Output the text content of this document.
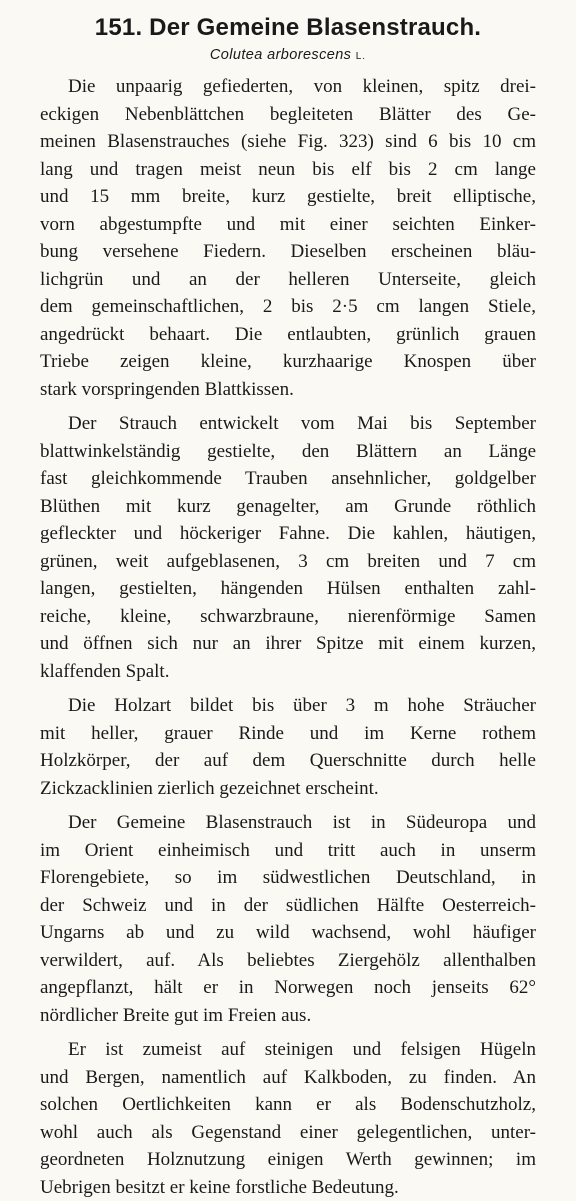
151. Der Gemeine Blasenstrauch.
Colutea arborescens L.
Die unpaarig gefiederten, von kleinen, spitz drei-
eckigen Nebenblättchen begleiteten Blätter des Ge-
meinen Blasenstrauches (siehe Fig. 323) sind 6 bis 10 cm
lang und tragen meist neun bis elf bis 2 cm lange
und 15 mm breite, kurz gestielte, breit elliptische,
vorn abgestumpfte und mit einer seichten Einker-
bung versehene Fiedern. Dieselben erscheinen bläu-
lichgrün und an der helleren Unterseite, gleich
dem gemeinschaftlichen, 2 bis 2·5 cm langen Stiele,
angedrückt behaart. Die entlaubten, grünlich grauen
Triebe zeigen kleine, kurzhaarige Knospen über
stark vorspringenden Blattkissen.
Der Strauch entwickelt vom Mai bis September
blattwinkelständig gestielte, den Blättern an Länge
fast gleichkommende Trauben ansehnlicher, goldgelber
Blüthen mit kurz genagelter, am Grunde röthlich
gefleckter und höckeriger Fahne. Die kahlen, häutigen,
grünen, weit aufgeblasenen, 3 cm breiten und 7 cm
langen, gestielten, hängenden Hülsen enthalten zahl-
reiche, kleine, schwarzbraune, nierenförmige Samen
und öffnen sich nur an ihrer Spitze mit einem kurzen,
klaffenden Spalt.
Die Holzart bildet bis über 3 m hohe Sträucher
mit heller, grauer Rinde und im Kerne rothem
Holzkörper, der auf dem Querschnitte durch helle
Zickzacklinien zierlich gezeichnet erscheint.
Der Gemeine Blasenstrauch ist in Südeuropa und
im Orient einheimisch und tritt auch in unserm
Florengebiete, so im südwestlichen Deutschland, in
der Schweiz und in der südlichen Hälfte Oesterreich-
Ungarns ab und zu wild wachsend, wohl häufiger
verwildert, auf. Als beliebtes Ziergehölz allenthalben
angepflanzt, hält er in Norwegen noch jenseits 62°
nördlicher Breite gut im Freien aus.
Er ist zumeist auf steinigen und felsigen Hügeln
und Bergen, namentlich auf Kalkboden, zu finden. An
solchen Oertlichkeiten kann er als Bodenschutzholz,
wohl auch als Gegenstand einer gelegentlichen, unter-
geordneten Holznutzung einigen Werth gewinnen; im
Uebrigen besitzt er keine forstliche Bedeutung.
